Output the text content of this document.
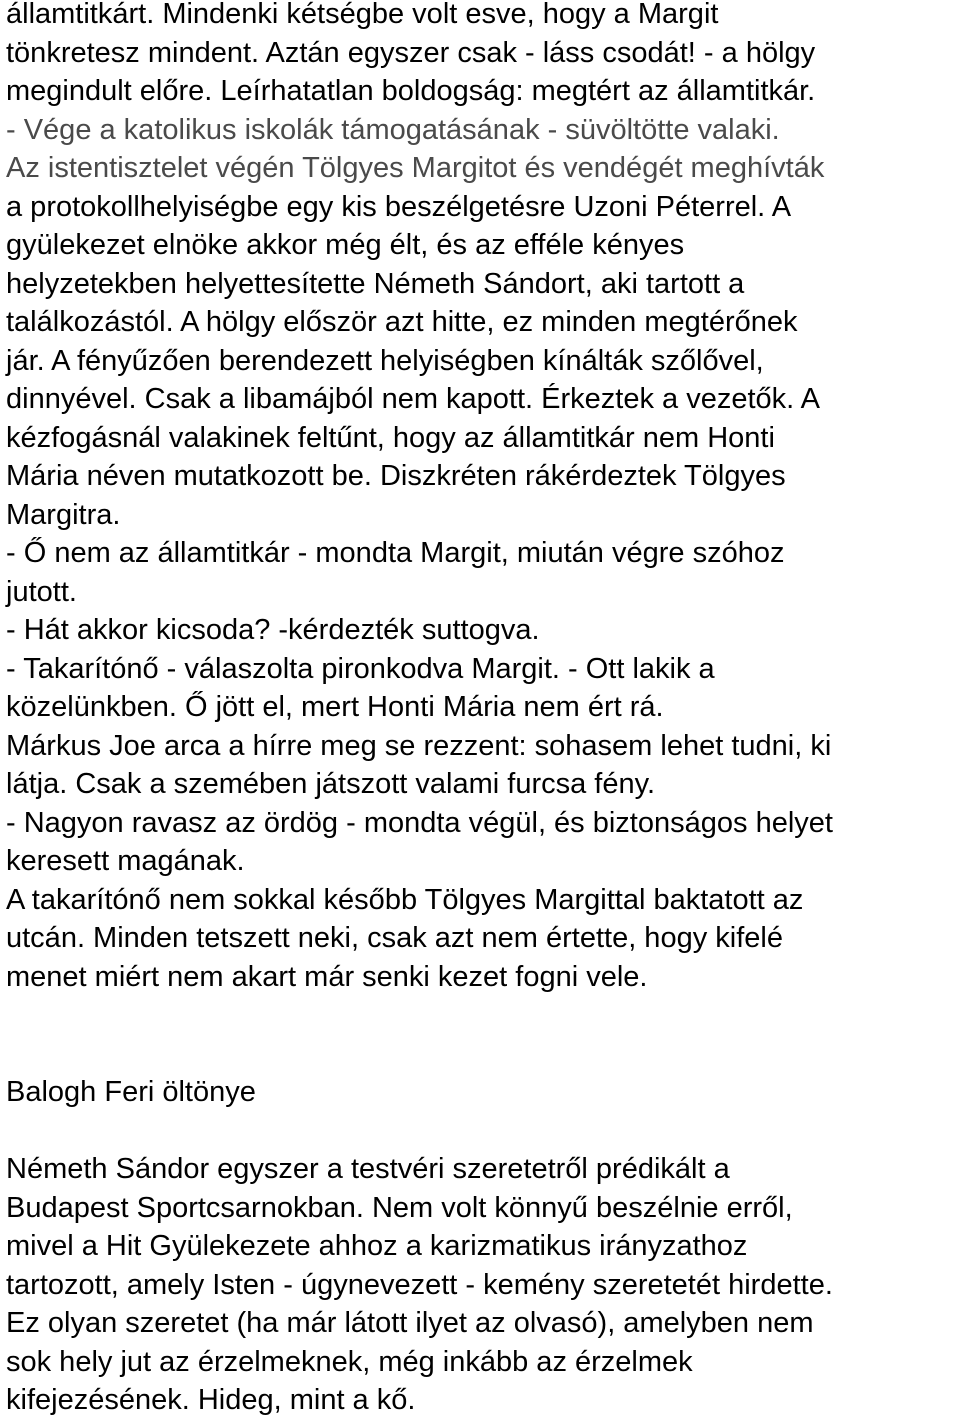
államtitkárt. Mindenki kétségbe volt esve, hogy a Margit
tönkretesz mindent. Aztán egyszer csak - láss csodát! - a hölgy
megindult előre. Leírhatatlan boldogság: megtért az államtitkár.
- Vége a katolikus iskolák támogatásának - süvöltötte valaki.
Az istentisztelet végén Tölgyes Margitot és vendégét meghívták
a protokollhelyiségbe egy kis beszélgetésre Uzoni Péterrel. A
gyülekezet elnöke akkor még élt, és az efféle kényes
helyzetekben helyettesítette Németh Sándort, aki tartott a
találkozástól. A hölgy először azt hitte, ez minden megtérőnek
jár. A fényűzően berendezett helyiségben kínálták szőlővel,
dinnyével. Csak a libamájból nem kapott. Érkeztek a vezetők. A
kézfogásnál valakinek feltűnt, hogy az államtitkár nem Honti
Mária néven mutatkozott be. Diszkréten rákérdeztek Tölgyes
Margitra.
- Ő nem az államtitkár - mondta Margit, miután végre szóhoz
jutott.
- Hát akkor kicsoda? -kérdezték suttogva.
- Takarítónő - válaszolta pironkodva Margit. - Ott lakik a
közelünkben. Ő jött el, mert Honti Mária nem ért rá.
Márkus Joe arca a hírre meg se rezzent: sohasem lehet tudni, ki
látja. Csak a szemében játszott valami furcsa fény.
- Nagyon ravasz az ördög - mondta végül, és biztonságos helyet
keresett magának.
A takarítónő nem sokkal később Tölgyes Margittal baktatott az
utcán. Minden tetszett neki, csak azt nem értette, hogy kifelé
menet miért nem akart már senki kezet fogni vele.
Balogh Feri öltönye
Németh Sándor egyszer a testvéri szeretetről prédikált a
Budapest Sportcsarnokban. Nem volt könnyű beszélnie erről,
mivel a Hit Gyülekezete ahhoz a karizmatikus irányzathoz
tartozott, amely Isten - úgynevezett - kemény szeretetét hirdette.
Ez olyan szeretet (ha már látott ilyet az olvasó), amelyben nem
sok hely jut az érzelmeknek, még inkább az érzelmek
kifejezésének. Hideg, mint a kő.
